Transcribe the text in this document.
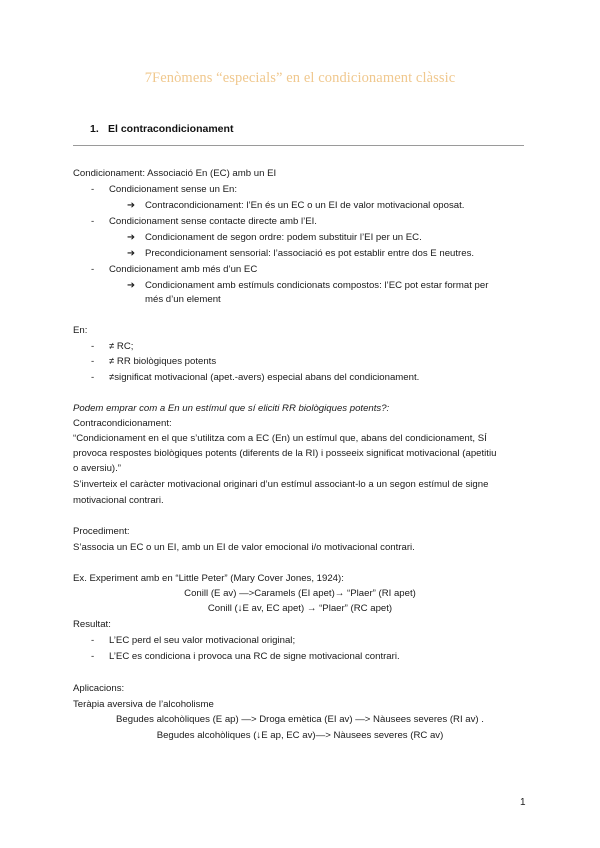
7Fenòmens “especials” en el condicionament clàssic
1. El contracondicionament
Condicionament: Associació En (EC) amb un EI
- Condicionament sense un En:
➔ Contracondicionament: l’En és un EC o un EI de valor motivacional oposat.
- Condicionament sense contacte directe amb l’EI.
➔ Condicionament de segon ordre: podem substituir l’EI per un EC.
➔ Precondicionament sensorial: l’associació es pot establir entre dos E neutres.
- Condicionament amb més d’un EC
➔ Condicionament amb estímuls condicionats compostos: l’EC pot estar format per
més d’un element
En:
- ≠ RC;
- ≠ RR biològiques potents
- ≠significat motivacional (apet.-avers) especial abans del condicionament.
Podem emprar com a En un estímul que sí eliciti RR biològiques potents?:
Contracondicionament:
“Condicionament en el que s’utilitza com a EC (En) un estímul que, abans del condicionament, SÍ
provoca respostes biològiques potents (diferents de la RI) i posseeix significat motivacional (apetitiu
o aversiu).”
S’inverteix el caràcter motivacional originari d’un estímul associant-lo a un segon estímul de signe
motivacional contrari.
Procediment:
S’associa un EC o un EI, amb un EI de valor emocional i/o motivacional contrari.
Ex. Experiment amb en “Little Peter” (Mary Cover Jones, 1924):
Conill (E av) —>Caramels (EI apet)→ “Plaer” (RI apet)
Conill (↓E av, EC apet) → “Plaer” (RC apet)
Resultat:
- L’EC perd el seu valor motivacional original;
- L’EC es condiciona i provoca una RC de signe motivacional contrari.
Aplicacions:
Teràpia aversiva de l’alcoholisme
Begudes alcohòliques (E ap) —> Droga emètica (EI av) —> Nàusees severes (RI av) .
Begudes alcohòliques (↓E ap, EC av)—> Nàusees severes (RC av)
1
